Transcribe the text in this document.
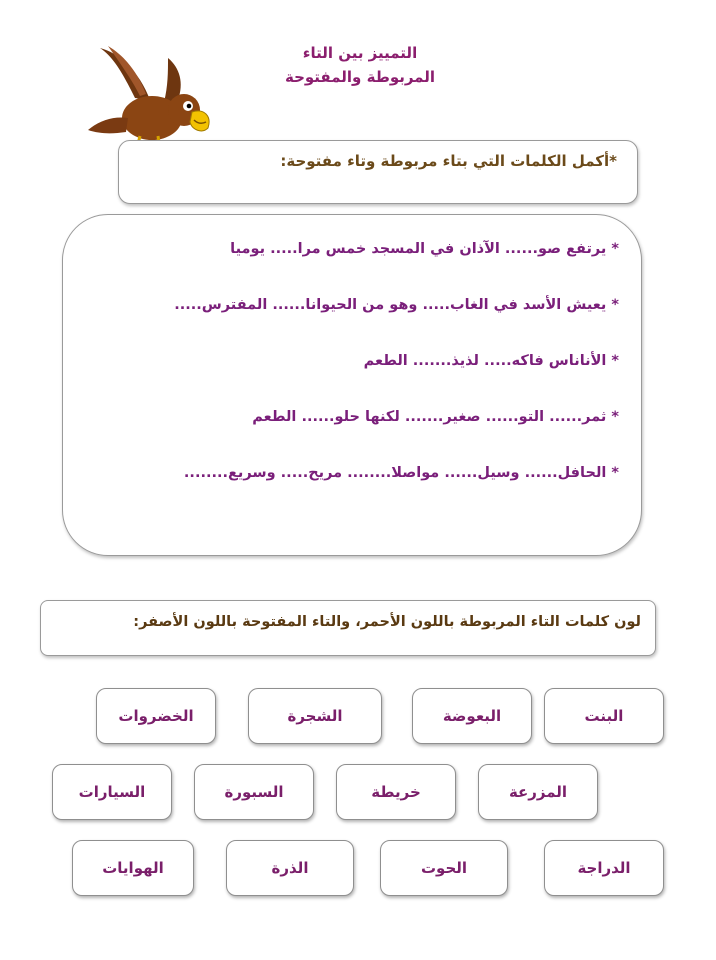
التمييز بين التاء
المربوطة والمفتوحة
*أكمل الكلمات التي بتاء مربوطة وتاء مفتوحة:
* يرتفع صو...... الآذان في المسجد خمس مرا..... يوميا
* يعيش الأسد في الغاب..... وهو من الحيوانا...... المفترس.....
* الأناناس فاكه..... لذيذ....... الطعم
* ثمر...... التو...... صغير....... لكنها حلو...... الطعم
* الحافل...... وسيل...... مواصلا........ مريح..... وسريع........
لون كلمات التاء المربوطة باللون الأحمر، والتاء المفتوحة باللون الأصفر:
البنت
البعوضة
الشجرة
الخضروات
المزرعة
خريطة
السبورة
السيارات
الدراجة
الحوت
الذرة
الهوايات
